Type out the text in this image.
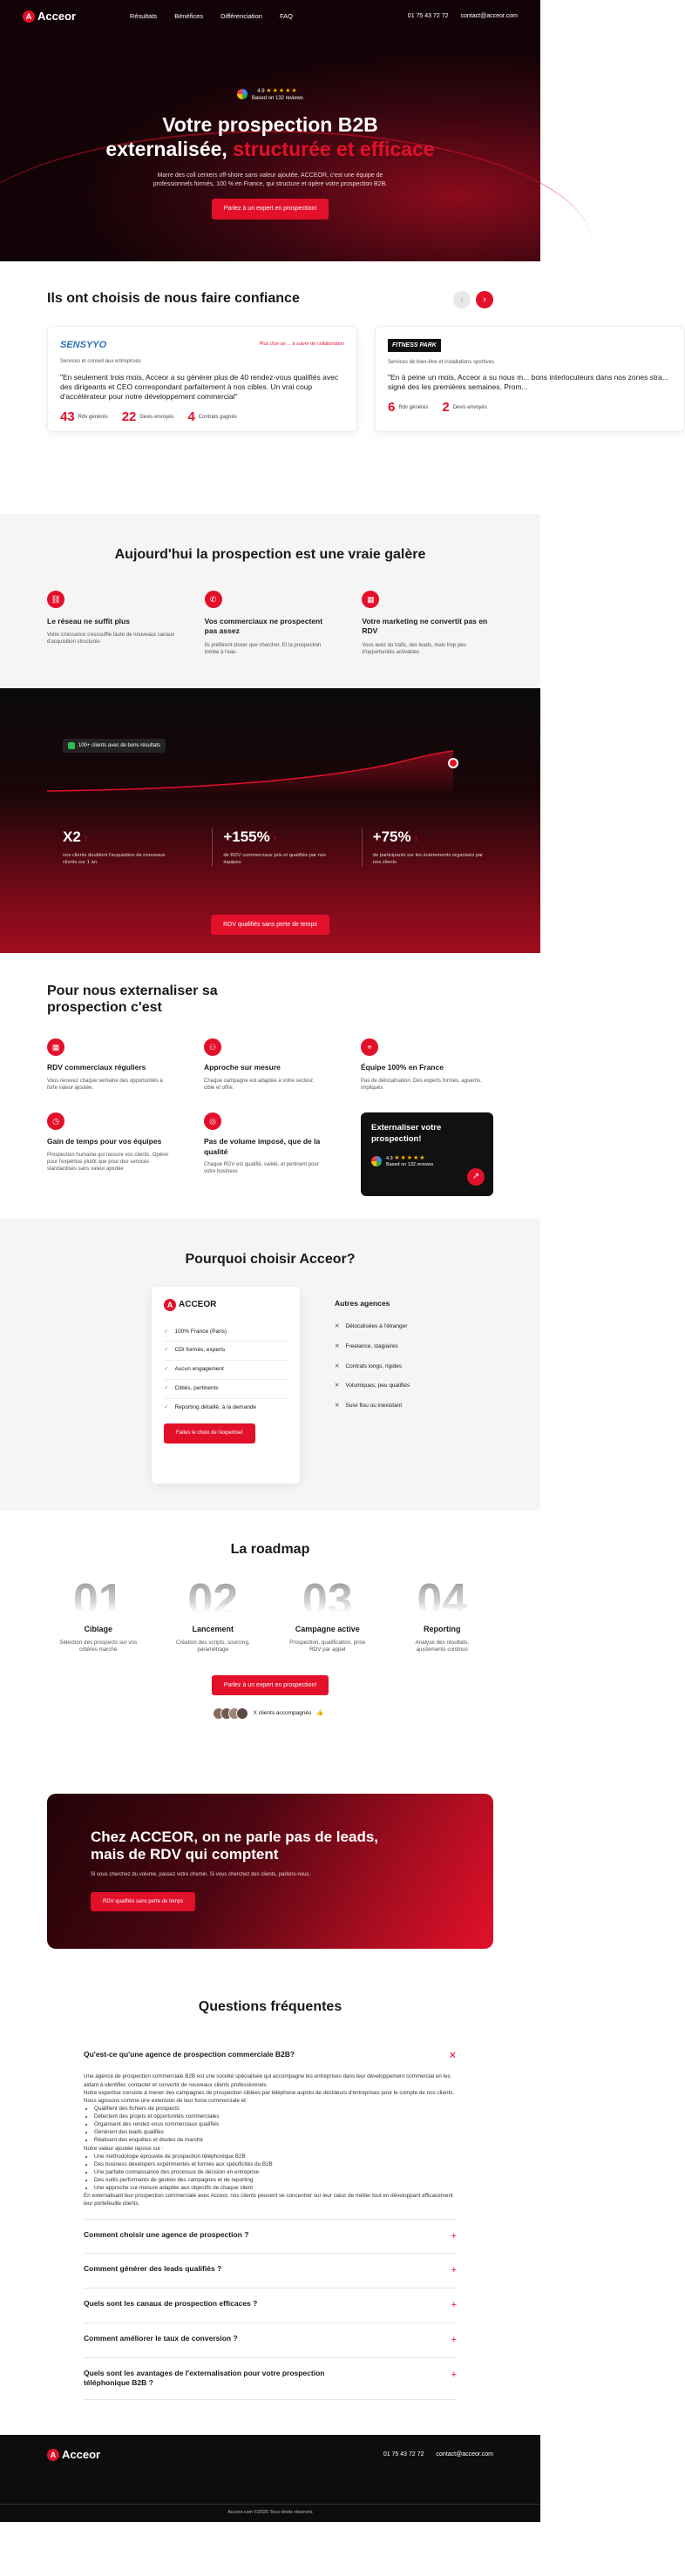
A Acceor	Résultats	Bénéfices	Différenciation	FAQ	01 75 43 72 72 contact@acceor.com
4.9 ★★★★★
Based on 132 reviews
Votre prospection B2B
externalisée, structurée et efficace

Marre des coll centers off-shore sans valeur ajoutée. ACCEOR, c'est une équipe de professionnels formés, 100 % en France, qui structure et opère votre prospection B2B.

Parlez à un expert en prospection!
Ils ont choisis de nous faire confiance	‹	›
SENSYYO	Plus d'un an ... à suivre de collaboration

Services et conseil aux entreprises

"En seulement trois mois, Acceor a su générer plus de 40 rendez-vous qualifiés avec des dirigeants et CEO correspondant parfaitement à nos cibles. Un vrai coup d'accélérateur pour notre développement commercial"

43 Rdv générés 22 Devis envoyés 4 Contrats gagnés
FITNESS PARK

Services de bien-être et installations sportives

"En à peine un mois, Acceor a su nous m... bons interlocuteurs dans nos zones stra... signé des les premières semaines. Prom...

6 Rdv générés 2 Devis envoyés
Aujourd'hui la prospection est une vraie galère
⛓
Le réseau ne suffit plus

Votre croissance s'essouffle faute de nouveaux canaux d'acquisition structurés

✆
Vos commerciaux ne prospectent pas assez

Ils préfèrent closer que chercher. Et la prospection tombe à l'eau.

▦
Votre marketing ne convertit pas en RDV

Vous avez du trafic, des leads, mais trop peu d'opportunités activables

100+ clients avec de bons résultats
X2 ↑

nos clients doublent l'acquisition de nouveaux clients sur 1 an

+155% ↑

de RDV commerciaux pris et qualifiés par nos équipes

+75% ↑

de participants sur les événements organisés par nos clients

RDV qualifiés sans perte de temps
Pour nous externaliser sa prospection c'est
▦
RDV commerciaux réguliers

Vous recevez chaque semaine des opportunités à forte valeur ajoutée.

⚇
Approche sur mesure

Chaque campagne est adaptée à votre secteur, cible et offre.

⌖
Équipe 100% en France

Pas de délocalisation. Des experts formés, aguerris, impliqués

◷
Gain de temps pour vos équipes

Prospection humaine qui rassure vos clients. Opérer pour l'expertise plutôt que pour des services standardisés sans valeur ajoutée

◎
Pas de volume imposé, que de la qualité

Chaque RDV est qualifié, validé, et pertinent pour votre business

Externaliser votre prospection!
4.9 ★★★★★
Based on 132 reviews
↗
Pourquoi choisir Acceor?
A ACCEOR
✓ 100% France (Paris)
✓ CDI formés, experts
✓ Aucun engagement
✓ Ciblés, pertinents
✓ Reporting détaillé, à la demande
Faites le choix de l'expertise!
Autres agences
✕ Délocalisées à l'étranger
✕ Freelance, stagiaires
✕ Contrats longs, rigides
✕ Volumiques, peu qualifiés
✕ Suivi flou ou inexistant
La roadmap
01
Ciblage

Sélection des prospects sur vos critères marché

02
Lancement

Création des scripts, sourcing, paramétrage

03
Campagne active

Prospection, qualification, prise RDV par appel

04
Reporting

Analyse des résultats, ajustements continus

Parlez à un expert en prospection!
X clients accompagnés 👍
Chez ACCEOR, on ne parle pas de leads, mais de RDV qui comptent

Si vous cherchez du volume, passez votre chemin. Si vous cherchez des clients, parlons-nous.

RDV qualifiés sans perte de temps
Questions fréquentes
Qu'est-ce qu'une agence de prospection commerciale B2B?	✕

Une agence de prospection commerciale B2B est une société spécialisée qui accompagne les entreprises dans leur développement commercial en les aidant à identifier, contacter et convertir de nouveaux clients professionnels.

Notre expertise consiste à mener des campagnes de prospection ciblées par téléphone auprès de décideurs d'entreprises pour le compte de nos clients. Nous agissons comme une extension de leur force commerciale et:

• Qualifient des fichiers de prospects
• Détectent des projets et opportunités commerciales
• Organisent des rendez-vous commerciaux qualifiés
• Génèrent des leads qualifiés
• Réalisent des enquêtes et études de marché

Notre valeur ajoutée repose sur :

• Une méthodologie éprouvée de prospection téléphonique B2B
• Des business developers expérimentés et formés aux spécificités du B2B
• Une parfaite connaissance des processus de décision en entreprise
• Des outils performants de gestion des campagnes et de reporting
• Une approche sur-mesure adaptée aux objectifs de chaque client

En externalisant leur prospection commerciale avec Acceor, nos clients peuvent se concentrer sur leur cœur de métier tout en développant efficacement leur portefeuille clients.

Comment choisir une agence de prospection ?	+
Comment générer des leads qualifiés ?	+
Quels sont les canaux de prospection efficaces ?	+
Comment améliorer le taux de conversion ?	+
Quels sont les avantages de l'externalisation pour votre prospection téléphonique B2B ?
+
A Acceor	01 75 43 72 72 contact@acceor.com
Acceor.com ©2025 Tous droits réservés
